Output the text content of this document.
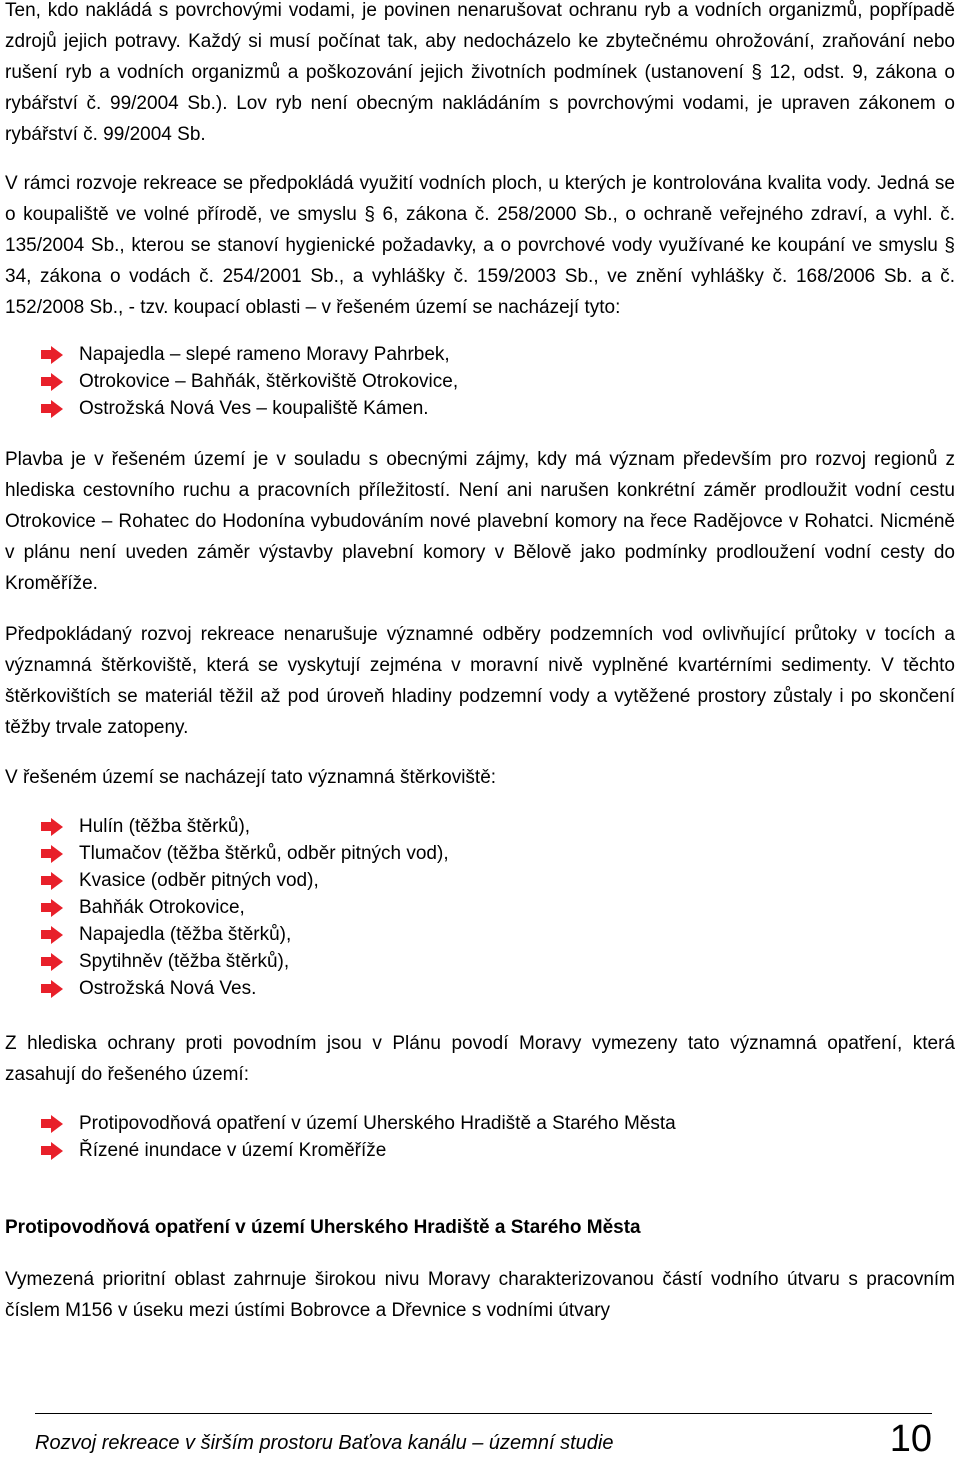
Ten, kdo nakládá s povrchovými vodami, je povinen nenarušovat ochranu ryb a vodních organizmů, popřípadě zdrojů jejich potravy. Každý si musí počínat tak, aby nedocházelo ke zbytečnému ohrožování, zraňování nebo rušení ryb a vodních organizmů a poškozování jejich životních podmínek (ustanovení § 12, odst. 9, zákona o rybářství č. 99/2004 Sb.). Lov ryb není obecným nakládáním s povrchovými vodami, je upraven zákonem o rybářství č. 99/2004 Sb.

V rámci rozvoje rekreace se předpokládá využití vodních ploch, u kterých je kontrolována kvalita vody. Jedná se o koupaliště ve volné přírodě, ve smyslu § 6, zákona č. 258/2000 Sb., o ochraně veřejného zdraví, a vyhl. č. 135/2004 Sb., kterou se stanoví hygienické požadavky, a o povrchové vody využívané ke koupání ve smyslu § 34, zákona o vodách č. 254/2001 Sb., a vyhlášky č. 159/2003 Sb., ve znění vyhlášky č. 168/2006 Sb. a č. 152/2008 Sb., - tzv. koupací oblasti – v řešeném území se nacházejí tyto:

Napajedla – slepé rameno Moravy Pahrbek,
Otrokovice – Bahňák, štěrkoviště Otrokovice,
Ostrožská Nová Ves – koupaliště Kámen.

Plavba je v řešeném území je v souladu s obecnými zájmy, kdy má význam především pro rozvoj regionů z hlediska cestovního ruchu a pracovních příležitostí. Není ani narušen konkrétní záměr prodloužit vodní cestu Otrokovice – Rohatec do Hodonína vybudováním nové plavební komory na řece Radějovce v Rohatci. Nicméně v plánu není uveden záměr výstavby plavební komory v Bělově jako podmínky prodloužení vodní cesty do Kroměříže.

Předpokládaný rozvoj rekreace nenarušuje významné odběry podzemních vod ovlivňující průtoky v tocích a významná štěrkoviště, která se vyskytují zejména v moravní nivě vyplněné kvartérními sedimenty. V těchto štěrkovištích se materiál těžil až pod úroveň hladiny podzemní vody a vytěžené prostory zůstaly i po skončení těžby trvale zatopeny.

V řešeném území se nacházejí tato významná štěrkoviště:

Hulín (těžba štěrků),
Tlumačov (těžba štěrků, odběr pitných vod),
Kvasice (odběr pitných vod),
Bahňák Otrokovice,
Napajedla (těžba štěrků),
Spytihněv (těžba štěrků),
Ostrožská Nová Ves.

Z hlediska ochrany proti povodním jsou v Plánu povodí Moravy vymezeny tato významná opatření, která zasahují do řešeného území:

Protipovodňová opatření v území Uherského Hradiště a Starého Města
Řízené inundace v území Kroměříže
Protipovodňová opatření v území Uherského Hradiště a Starého Města

Vymezená prioritní oblast zahrnuje širokou nivu Moravy charakterizovanou částí vodního útvaru s pracovním číslem M156 v úseku mezi ústími Bobrovce a Dřevnice s vodními útvary

Rozvoj rekreace v širším prostoru Baťova kanálu – územní studie	10
